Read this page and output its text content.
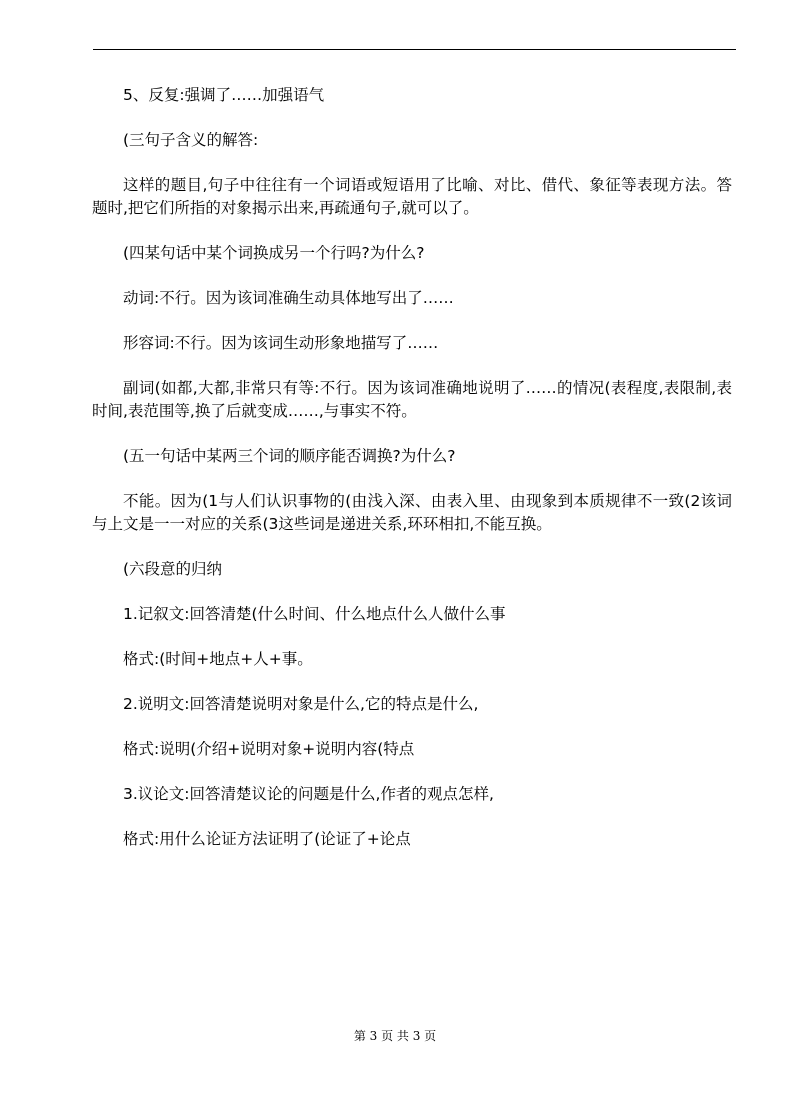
5、反复:强调了……加强语气

(三句子含义的解答:

这样的题目,句子中往往有一个词语或短语用了比喻、对比、借代、象征等表现方法。答题时,把它们所指的对象揭示出来,再疏通句子,就可以了。

(四某句话中某个词换成另一个行吗?为什么?

动词:不行。因为该词准确生动具体地写出了……

形容词:不行。因为该词生动形象地描写了……

副词(如都,大都,非常只有等:不行。因为该词准确地说明了……的情况(表程度,表限制,表时间,表范围等,换了后就变成……,与事实不符。

(五一句话中某两三个词的顺序能否调换?为什么?

不能。因为(1与人们认识事物的(由浅入深、由表入里、由现象到本质规律不一致(2该词与上文是一一对应的关系(3这些词是递进关系,环环相扣,不能互换。

(六段意的归纳

1.记叙文:回答清楚(什么时间、什么地点什么人做什么事

格式:(时间+地点+人+事。

2.说明文:回答清楚说明对象是什么,它的特点是什么,

格式:说明(介绍+说明对象+说明内容(特点

3.议论文:回答清楚议论的问题是什么,作者的观点怎样,

格式:用什么论证方法证明了(论证了+论点

第 3 页 共 3 页
